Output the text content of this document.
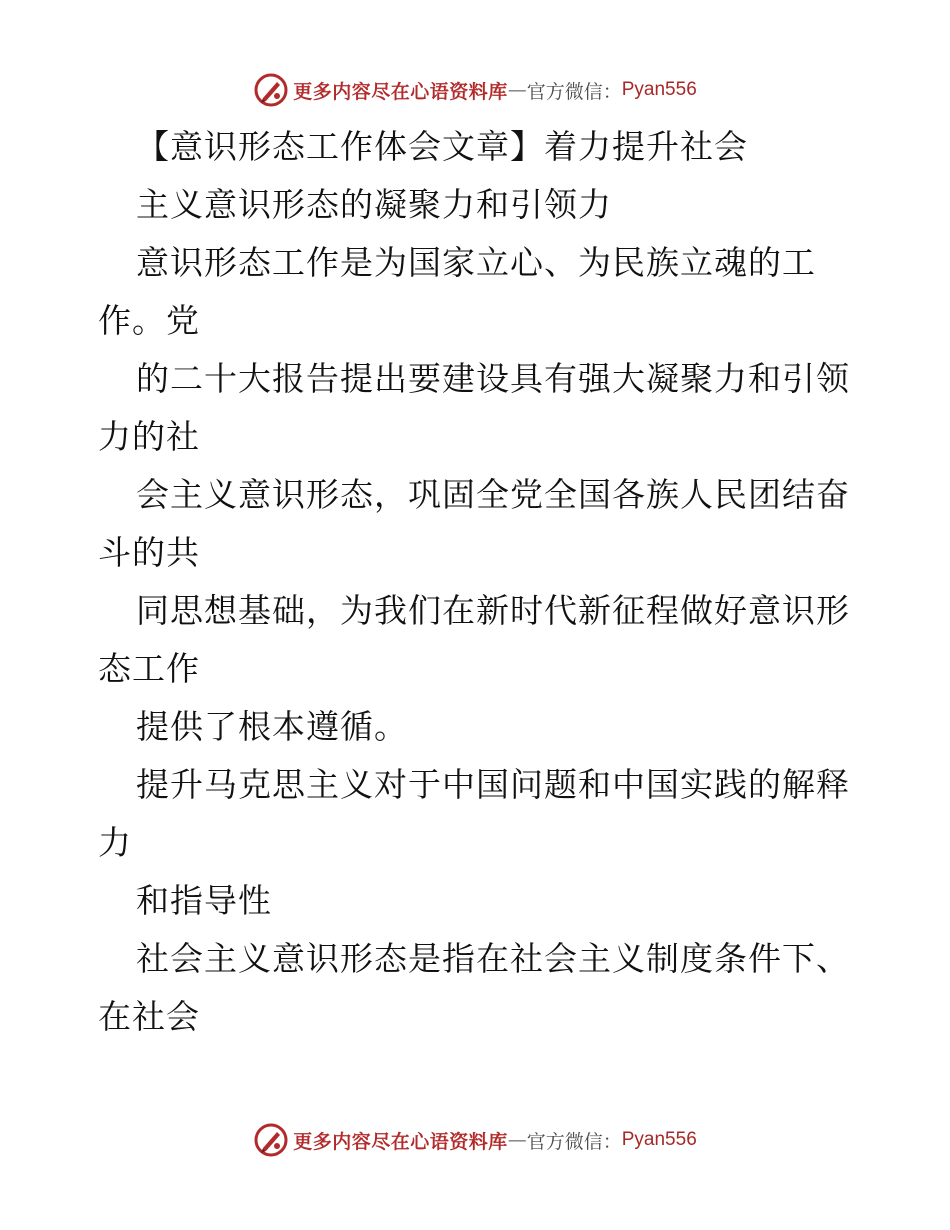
更多内容尽在心语资料库 — 官方微信： Pyan556
【意识形态工作体会文章】着力提升社会
主义意识形态的凝聚力和引领力
意识形态工作是为国家立心、为民族立魂的工
作。党
的二十大报告提出要建设具有强大凝聚力和引领
力的社
会主义意识形态，巩固全党全国各族人民团结奋
斗的共
同思想基础，为我们在新时代新征程做好意识形
态工作
提供了根本遵循。
提升马克思主义对于中国问题和中国实践的解释
力
和指导性
社会主义意识形态是指在社会主义制度条件下、
在社会
更多内容尽在心语资料库 — 官方微信： Pyan556
